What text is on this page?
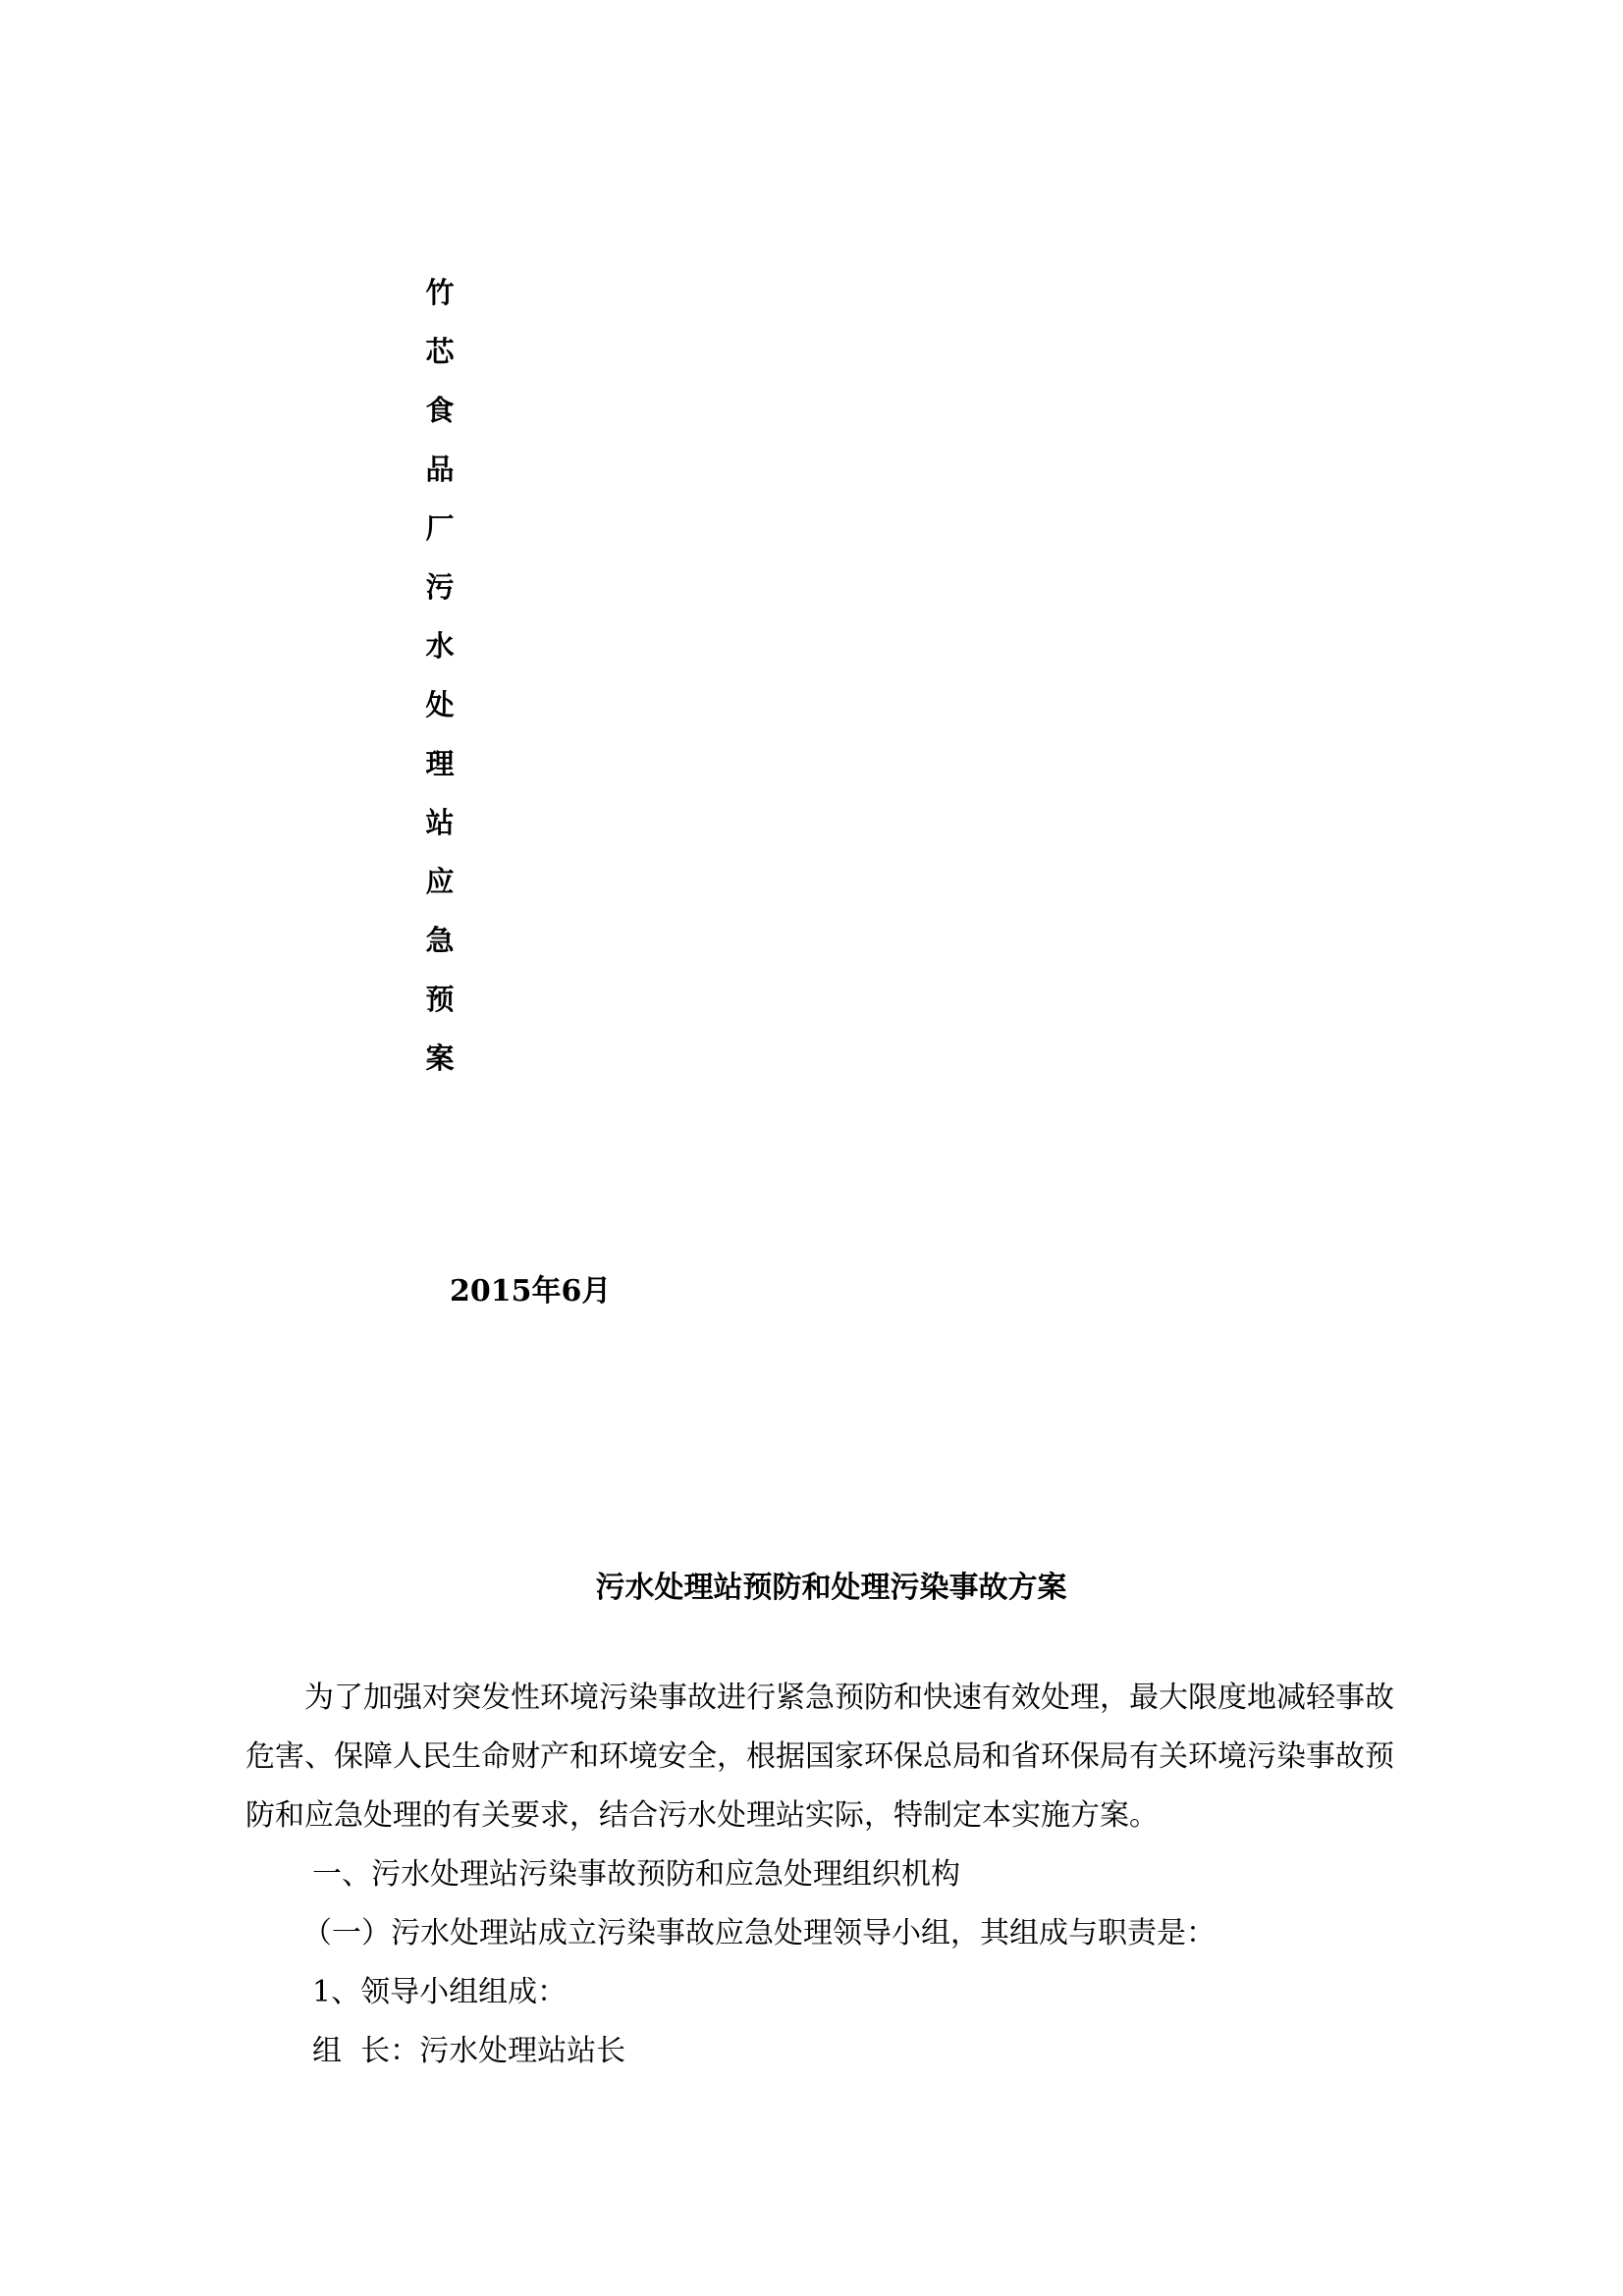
竹
芯
食
品
厂
污
水
处
理
站
应
急
预
案
2015年6月
污水处理站预防和处理污染事故方案

为了加强对突发性环境污染事故进行紧急预防和快速有效处理，最大限度地减轻事故危害、保障人民生命财产和环境安全，根据国家环保总局和省环保局有关环境污染事故预防和应急处理的有关要求，结合污水处理站实际，特制定本实施方案。

一、污水处理站污染事故预防和应急处理组织机构

（一）污水处理站成立污染事故应急处理领导小组，其组成与职责是：

1、领导小组组成：

组  长：污水处理站站长
